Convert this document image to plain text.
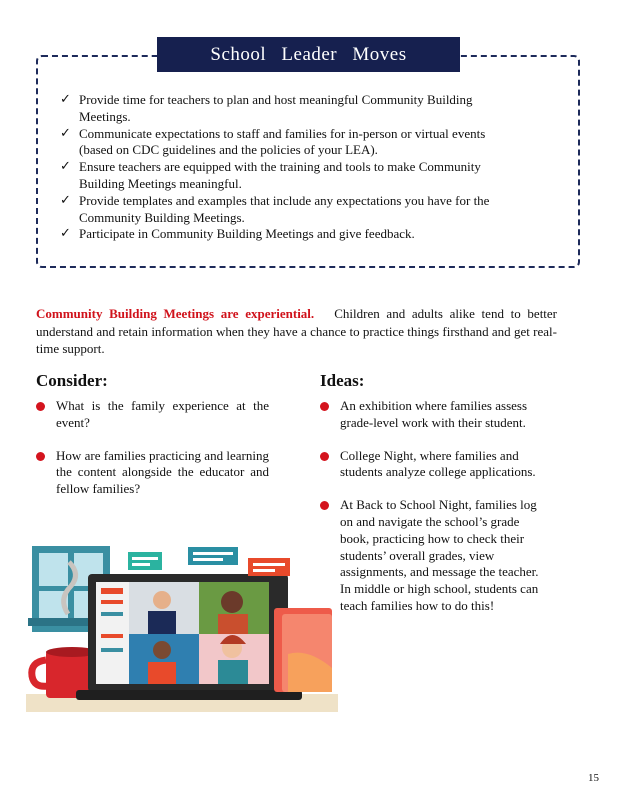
School Leader Moves
✓ Provide time for teachers to plan and host meaningful Community Building Meetings.
✓ Communicate expectations to staff and families for in-person or virtual events (based on CDC guidelines and the policies of your LEA).
✓ Ensure teachers are equipped with the training and tools to make Community Building Meetings meaningful.
✓ Provide templates and examples that include any expectations you have for the Community Building Meetings.
✓ Participate in Community Building Meetings and give feedback.

Community Building Meetings are experiential. Children and adults alike tend to better understand and retain information when they have a chance to practice things firsthand and get real-time support.

Consider:	Ideas:
What is the family experience at the event?
How are families practicing and learning the content alongside the educator and fellow families?
An exhibition where families assess grade-level work with their student.
College Night, where families and students analyze college applications.
At Back to School Night, families log on and navigate the school’s grade book, practicing how to check their students’ overall grades, view assignments, and message the teacher. In middle or high school, students can teach families how to do this!
15
